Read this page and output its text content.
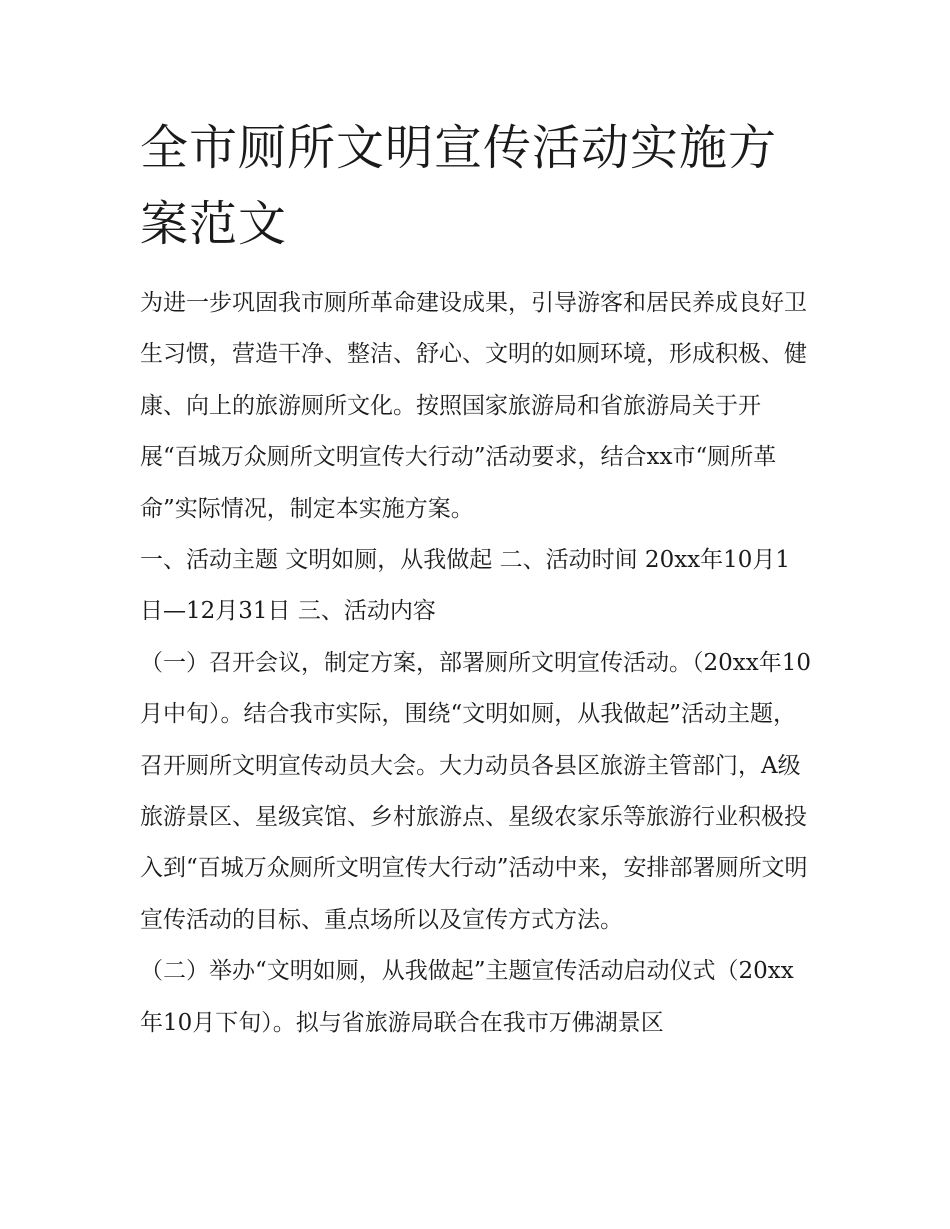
全市厕所文明宣传活动实施方案范文

为进一步巩固我市厕所革命建设成果，引导游客和居民养成良好卫生习惯，营造干净、整洁、舒心、文明的如厕环境，形成积极、健康、向上的旅游厕所文化。按照国家旅游局和省旅游局关于开展“百城万众厕所文明宣传大行动”活动要求，结合xx市“厕所革命”实际情况，制定本实施方案。

一、活动主题 文明如厕，从我做起 二、活动时间 20xx年10月1日—12月31日 三、活动内容

（一）召开会议，制定方案，部署厕所文明宣传活动。（20xx年10月中旬）。结合我市实际，围绕“文明如厕，从我做起”活动主题，召开厕所文明宣传动员大会。大力动员各县区旅游主管部门，A级旅游景区、星级宾馆、乡村旅游点、星级农家乐等旅游行业积极投入到“百城万众厕所文明宣传大行动”活动中来，安排部署厕所文明宣传活动的目标、重点场所以及宣传方式方法。

（二）举办“文明如厕，从我做起”主题宣传活动启动仪式（20xx年10月下旬）。拟与省旅游局联合在我市万佛湖景区
